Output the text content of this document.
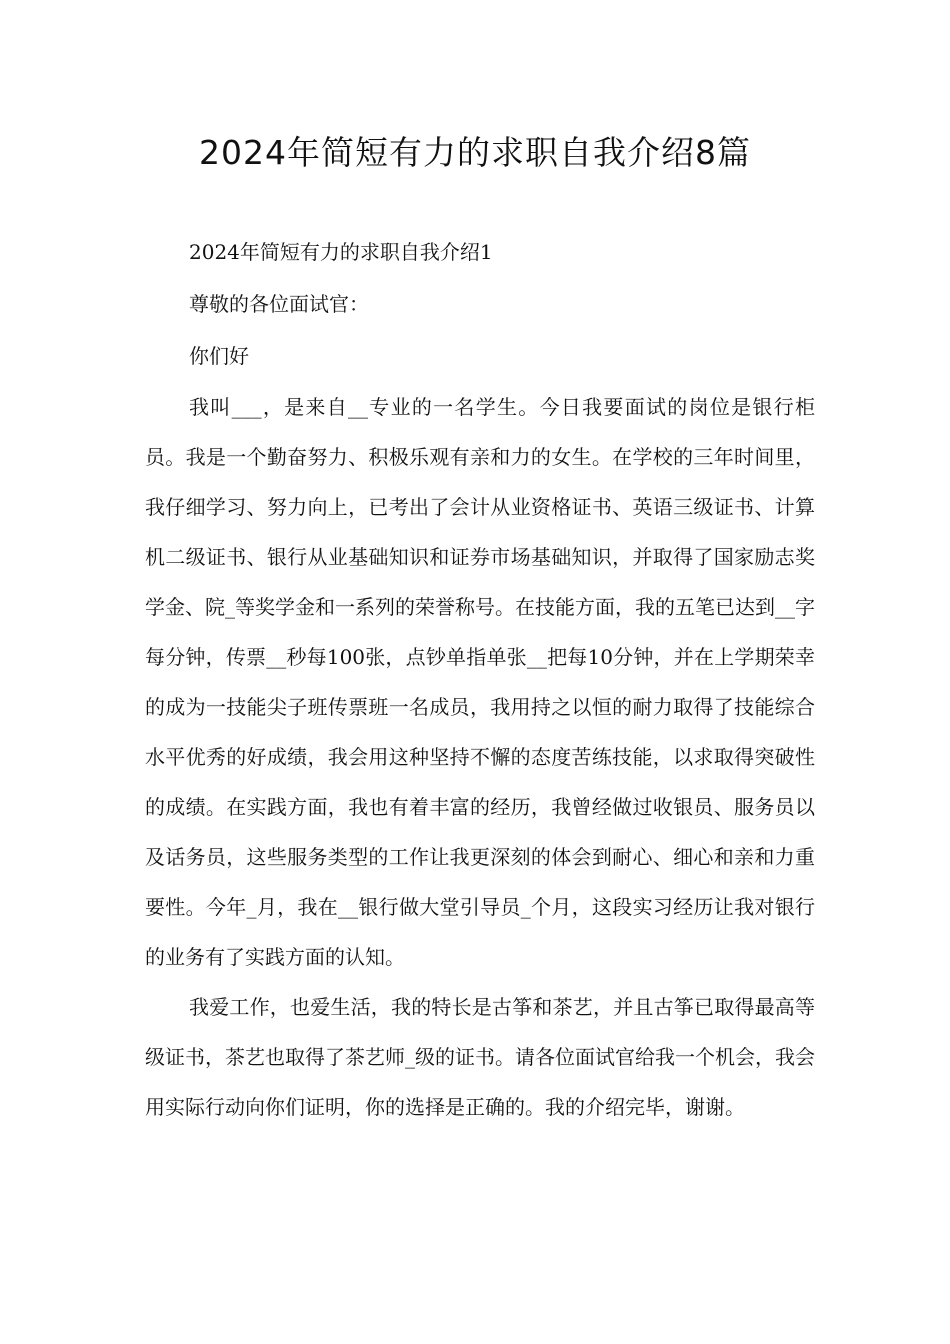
2024年简短有力的求职自我介绍8篇

2024年简短有力的求职自我介绍1

尊敬的各位面试官：

你们好

我叫___，是来自__专业的一名学生。今日我要面试的岗位是银行柜员。我是一个勤奋努力、积极乐观有亲和力的女生。在学校的三年时间里，我仔细学习、努力向上，已考出了会计从业资格证书、英语三级证书、计算机二级证书、银行从业基础知识和证券市场基础知识，并取得了国家励志奖学金、院_等奖学金和一系列的荣誉称号。在技能方面，我的五笔已达到__字每分钟，传票__秒每100张，点钞单指单张__把每10分钟，并在上学期荣幸的成为一技能尖子班传票班一名成员，我用持之以恒的耐力取得了技能综合水平优秀的好成绩，我会用这种坚持不懈的态度苦练技能，以求取得突破性的成绩。在实践方面，我也有着丰富的经历，我曾经做过收银员、服务员以及话务员，这些服务类型的工作让我更深刻的体会到耐心、细心和亲和力重要性。今年_月，我在__银行做大堂引导员_个月，这段实习经历让我对银行的业务有了实践方面的认知。

我爱工作，也爱生活，我的特长是古筝和茶艺，并且古筝已取得最高等级证书，茶艺也取得了茶艺师_级的证书。请各位面试官给我一个机会，我会用实际行动向你们证明，你的选择是正确的。我的介绍完毕，谢谢。
